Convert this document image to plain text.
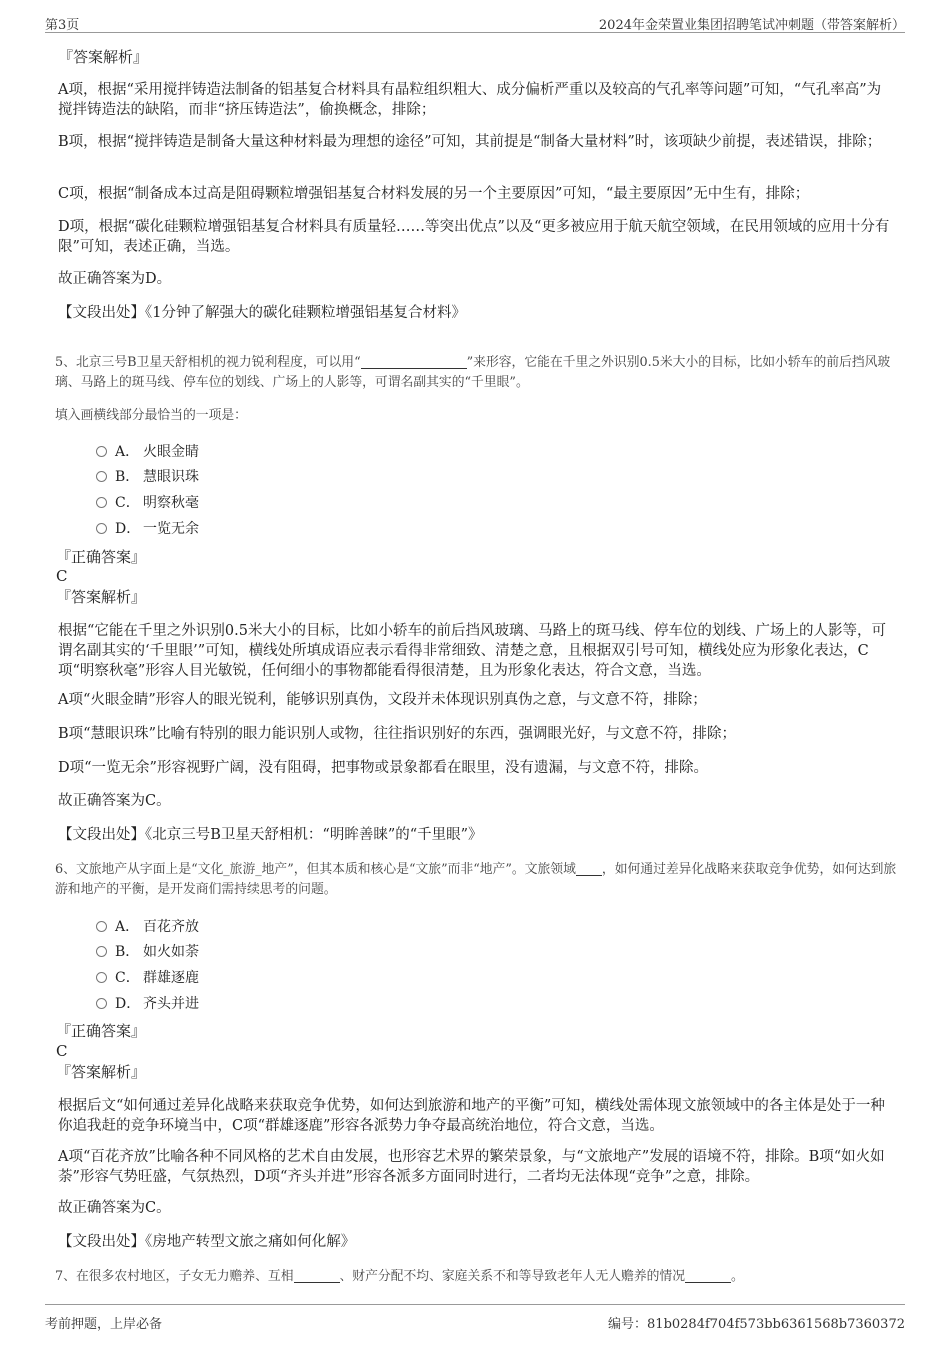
第3页	2024年金荣置业集团招聘笔试冲刺题（带答案解析）
『答案解析』
A项，根据“采用搅拌铸造法制备的铝基复合材料具有晶粒组织粗大、成分偏析严重以及较高的气孔率等问题”可知，“气孔率高”为搅拌铸造法的缺陷，而非“挤压铸造法”，偷换概念，排除；
B项，根据“搅拌铸造是制备大量这种材料最为理想的途径”可知，其前提是“制备大量材料”时，该项缺少前提，表述错误，排除；
C项，根据“制备成本过高是阻碍颗粒增强铝基复合材料发展的另一个主要原因”可知，“最主要原因”无中生有，排除；
D项，根据“碳化硅颗粒增强铝基复合材料具有质量轻……等突出优点”以及“更多被应用于航天航空领域，在民用领域的应用十分有限”可知，表述正确，当选。
故正确答案为D。
【文段出处】《1分钟了解强大的碳化硅颗粒增强铝基复合材料》
5、北京三号B卫星天舒相机的视力锐利程度，可以用“	”来形容，它能在千里之外识别0.5米大小的目标，比如小轿车的前后挡风玻璃、马路上的斑马线、停车位的划线、广场上的人影等，可谓名副其实的“千里眼”。
填入画横线部分最恰当的一项是：
A． 火眼金睛
B． 慧眼识珠
C． 明察秋毫
D． 一览无余
『正确答案』
C
『答案解析』
根据“它能在千里之外识别0.5米大小的目标，比如小轿车的前后挡风玻璃、马路上的斑马线、停车位的划线、广场上的人影等，可谓名副其实的‘千里眼’”可知，横线处所填成语应表示看得非常细致、清楚之意，且根据双引号可知，横线处应为形象化表达，C项“明察秋毫”形容人目光敏锐，任何细小的事物都能看得很清楚，且为形象化表达，符合文意，当选。
A项“火眼金睛”形容人的眼光锐利，能够识别真伪，文段并未体现识别真伪之意，与文意不符，排除；
B项“慧眼识珠”比喻有特别的眼力能识别人或物，往往指识别好的东西，强调眼光好，与文意不符，排除；
D项“一览无余”形容视野广阔，没有阻碍，把事物或景象都看在眼里，没有遗漏，与文意不符，排除。
故正确答案为C。
【文段出处】《北京三号B卫星天舒相机：“明眸善睐”的“千里眼”》
6、文旅地产从字面上是“文化_旅游_地产”，但其本质和核心是“文旅”而非“地产”。文旅领域 ，如何通过差异化战略来获取竞争优势，如何达到旅游和地产的平衡，是开发商们需持续思考的问题。
A． 百花齐放
B． 如火如荼
C． 群雄逐鹿
D． 齐头并进
『正确答案』
C
『答案解析』
根据后文“如何通过差异化战略来获取竞争优势，如何达到旅游和地产的平衡”可知，横线处需体现文旅领域中的各主体是处于一种你追我赶的竞争环境当中，C项“群雄逐鹿”形容各派势力争夺最高统治地位，符合文意，当选。
A项“百花齐放”比喻各种不同风格的艺术自由发展，也形容艺术界的繁荣景象，与“文旅地产”发展的语境不符，排除。B项“如火如荼”形容气势旺盛，气氛热烈，D项“齐头并进”形容各派多方面同时进行，二者均无法体现“竞争”之意，排除。
故正确答案为C。
【文段出处】《房地产转型文旅之痛如何化解》
7、在很多农村地区，子女无力赡养、互相	、财产分配不均、家庭关系不和等导致老年人无人赡养的情况	。
考前押题，上岸必备	编号：81b0284f704f573bb6361568b7360372
